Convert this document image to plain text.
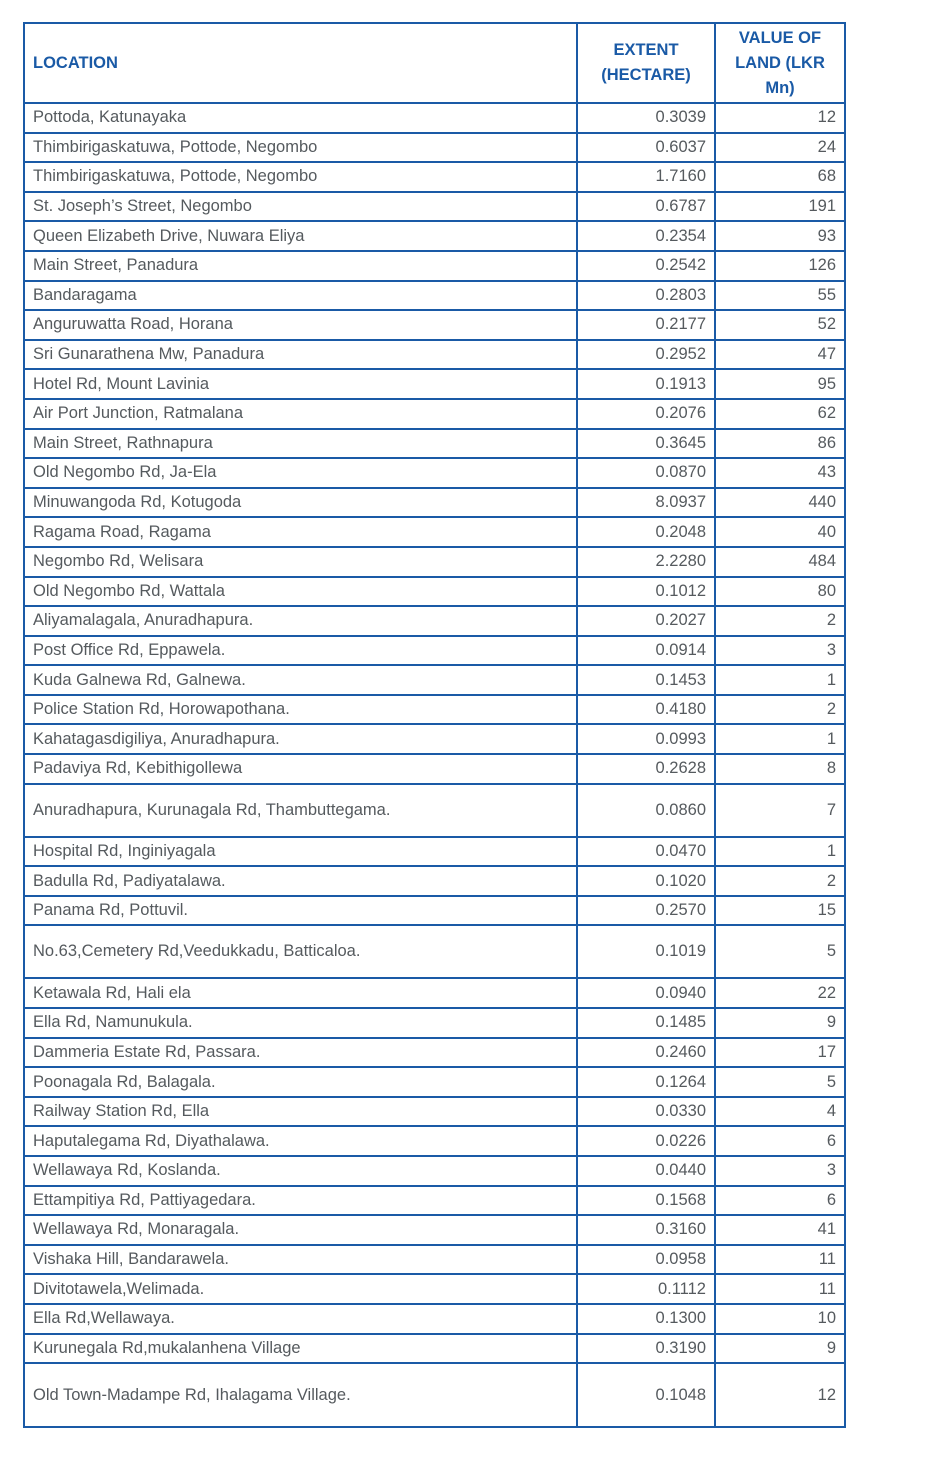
LOCATION	EXTENT (HECTARE)	VALUE OF LAND (LKR Mn)
Pottoda, Katunayaka	0.3039	12
Thimbirigaskatuwa, Pottode, Negombo	0.6037	24
Thimbirigaskatuwa, Pottode, Negombo	1.7160	68
St. Joseph’s Street, Negombo	0.6787	191
Queen Elizabeth Drive, Nuwara Eliya	0.2354	93
Main Street, Panadura	0.2542	126
Bandaragama	0.2803	55
Anguruwatta Road, Horana	0.2177	52
Sri Gunarathena Mw, Panadura	0.2952	47
Hotel Rd, Mount Lavinia	0.1913	95
Air Port Junction, Ratmalana	0.2076	62
Main Street, Rathnapura	0.3645	86
Old Negombo Rd, Ja-Ela	0.0870	43
Minuwangoda Rd, Kotugoda	8.0937	440
Ragama Road, Ragama	0.2048	40
Negombo Rd, Welisara	2.2280	484
Old Negombo Rd, Wattala	0.1012	80
Aliyamalagala, Anuradhapura.	0.2027	2
Post Office Rd, Eppawela.	0.0914	3
Kuda Galnewa Rd, Galnewa.	0.1453	1
Police Station Rd, Horowapothana.	0.4180	2
Kahatagasdigiliya, Anuradhapura.	0.0993	1
Padaviya Rd, Kebithigollewa	0.2628	8
Anuradhapura, Kurunagala Rd, Thambuttegama.	0.0860	7
Hospital Rd, Inginiyagala	0.0470	1
Badulla Rd, Padiyatalawa.	0.1020	2
Panama Rd, Pottuvil.	0.2570	15
No.63,Cemetery Rd,Veedukkadu, Batticaloa.	0.1019	5
Ketawala Rd, Hali ela	0.0940	22
Ella Rd, Namunukula.	0.1485	9
Dammeria Estate Rd, Passara.	0.2460	17
Poonagala Rd, Balagala.	0.1264	5
Railway Station Rd, Ella	0.0330	4
Haputalegama Rd, Diyathalawa.	0.0226	6
Wellawaya Rd, Koslanda.	0.0440	3
Ettampitiya Rd, Pattiyagedara.	0.1568	6
Wellawaya Rd, Monaragala.	0.3160	41
Vishaka Hill, Bandarawela.	0.0958	11
Divitotawela,Welimada.	0.1112	11
Ella Rd,Wellawaya.	0.1300	10
Kurunegala Rd,mukalanhena Village	0.3190	9
Old Town-Madampe Rd, Ihalagama Village.	0.1048	12
